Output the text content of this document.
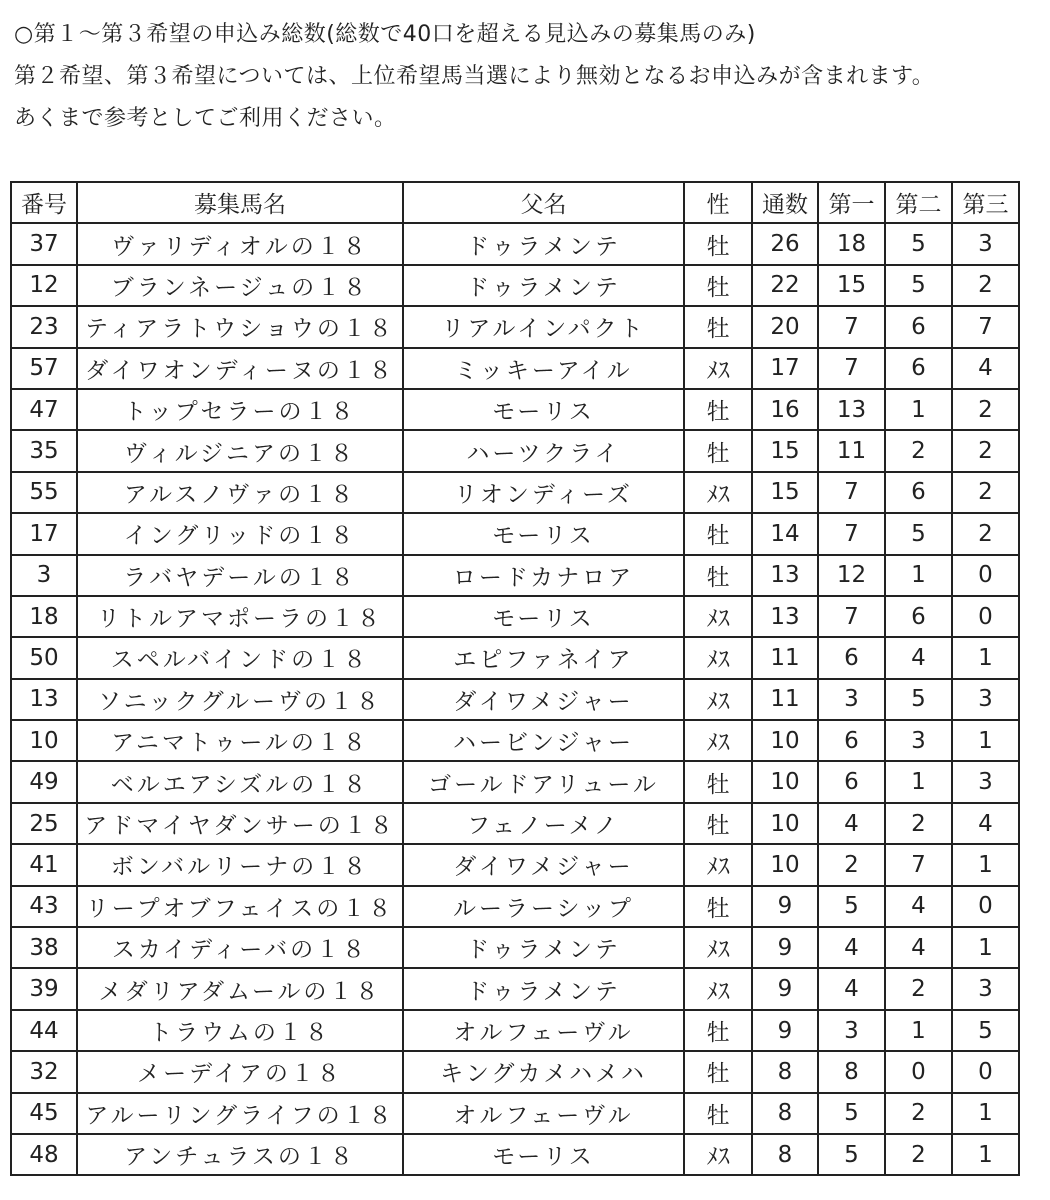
○第１～第３希望の申込み総数(総数で40口を超える見込みの募集馬のみ)
第２希望、第３希望については、上位希望馬当選により無効となるお申込みが含まれます。
あくまで参考としてご利用ください。
番号	募集馬名	父名	性	通数	第一	第二	第三
37	ヴァリディオルの１８	ドゥラメンテ	牡	26	18	5	3
12	ブランネージュの１８	ドゥラメンテ	牡	22	15	5	2
23	ティアラトウショウの１８	リアルインパクト	牡	20	7	6	7
57	ダイワオンディーヌの１８	ミッキーアイル	ﾒｽ	17	7	6	4
47	トップセラーの１８	モーリス	牡	16	13	1	2
35	ヴィルジニアの１８	ハーツクライ	牡	15	11	2	2
55	アルスノヴァの１８	リオンディーズ	ﾒｽ	15	7	6	2
17	イングリッドの１８	モーリス	牡	14	7	5	2
3	ラバヤデールの１８	ロードカナロア	牡	13	12	1	0
18	リトルアマポーラの１８	モーリス	ﾒｽ	13	7	6	0
50	スペルバインドの１８	エピファネイア	ﾒｽ	11	6	4	1
13	ソニックグルーヴの１８	ダイワメジャー	ﾒｽ	11	3	5	3
10	アニマトゥールの１８	ハービンジャー	ﾒｽ	10	6	3	1
49	ベルエアシズルの１８	ゴールドアリュール	牡	10	6	1	3
25	アドマイヤダンサーの１８	フェノーメノ	牡	10	4	2	4
41	ボンバルリーナの１８	ダイワメジャー	ﾒｽ	10	2	7	1
43	リープオブフェイスの１８	ルーラーシップ	牡	9	5	4	0
38	スカイディーバの１８	ドゥラメンテ	ﾒｽ	9	4	4	1
39	メダリアダムールの１８	ドゥラメンテ	ﾒｽ	9	4	2	3
44	トラウムの１８	オルフェーヴル	牡	9	3	1	5
32	メーデイアの１８	キングカメハメハ	牡	8	8	0	0
45	アルーリングライフの１８	オルフェーヴル	牡	8	5	2	1
48	アンチュラスの１８	モーリス	ﾒｽ	8	5	2	1
